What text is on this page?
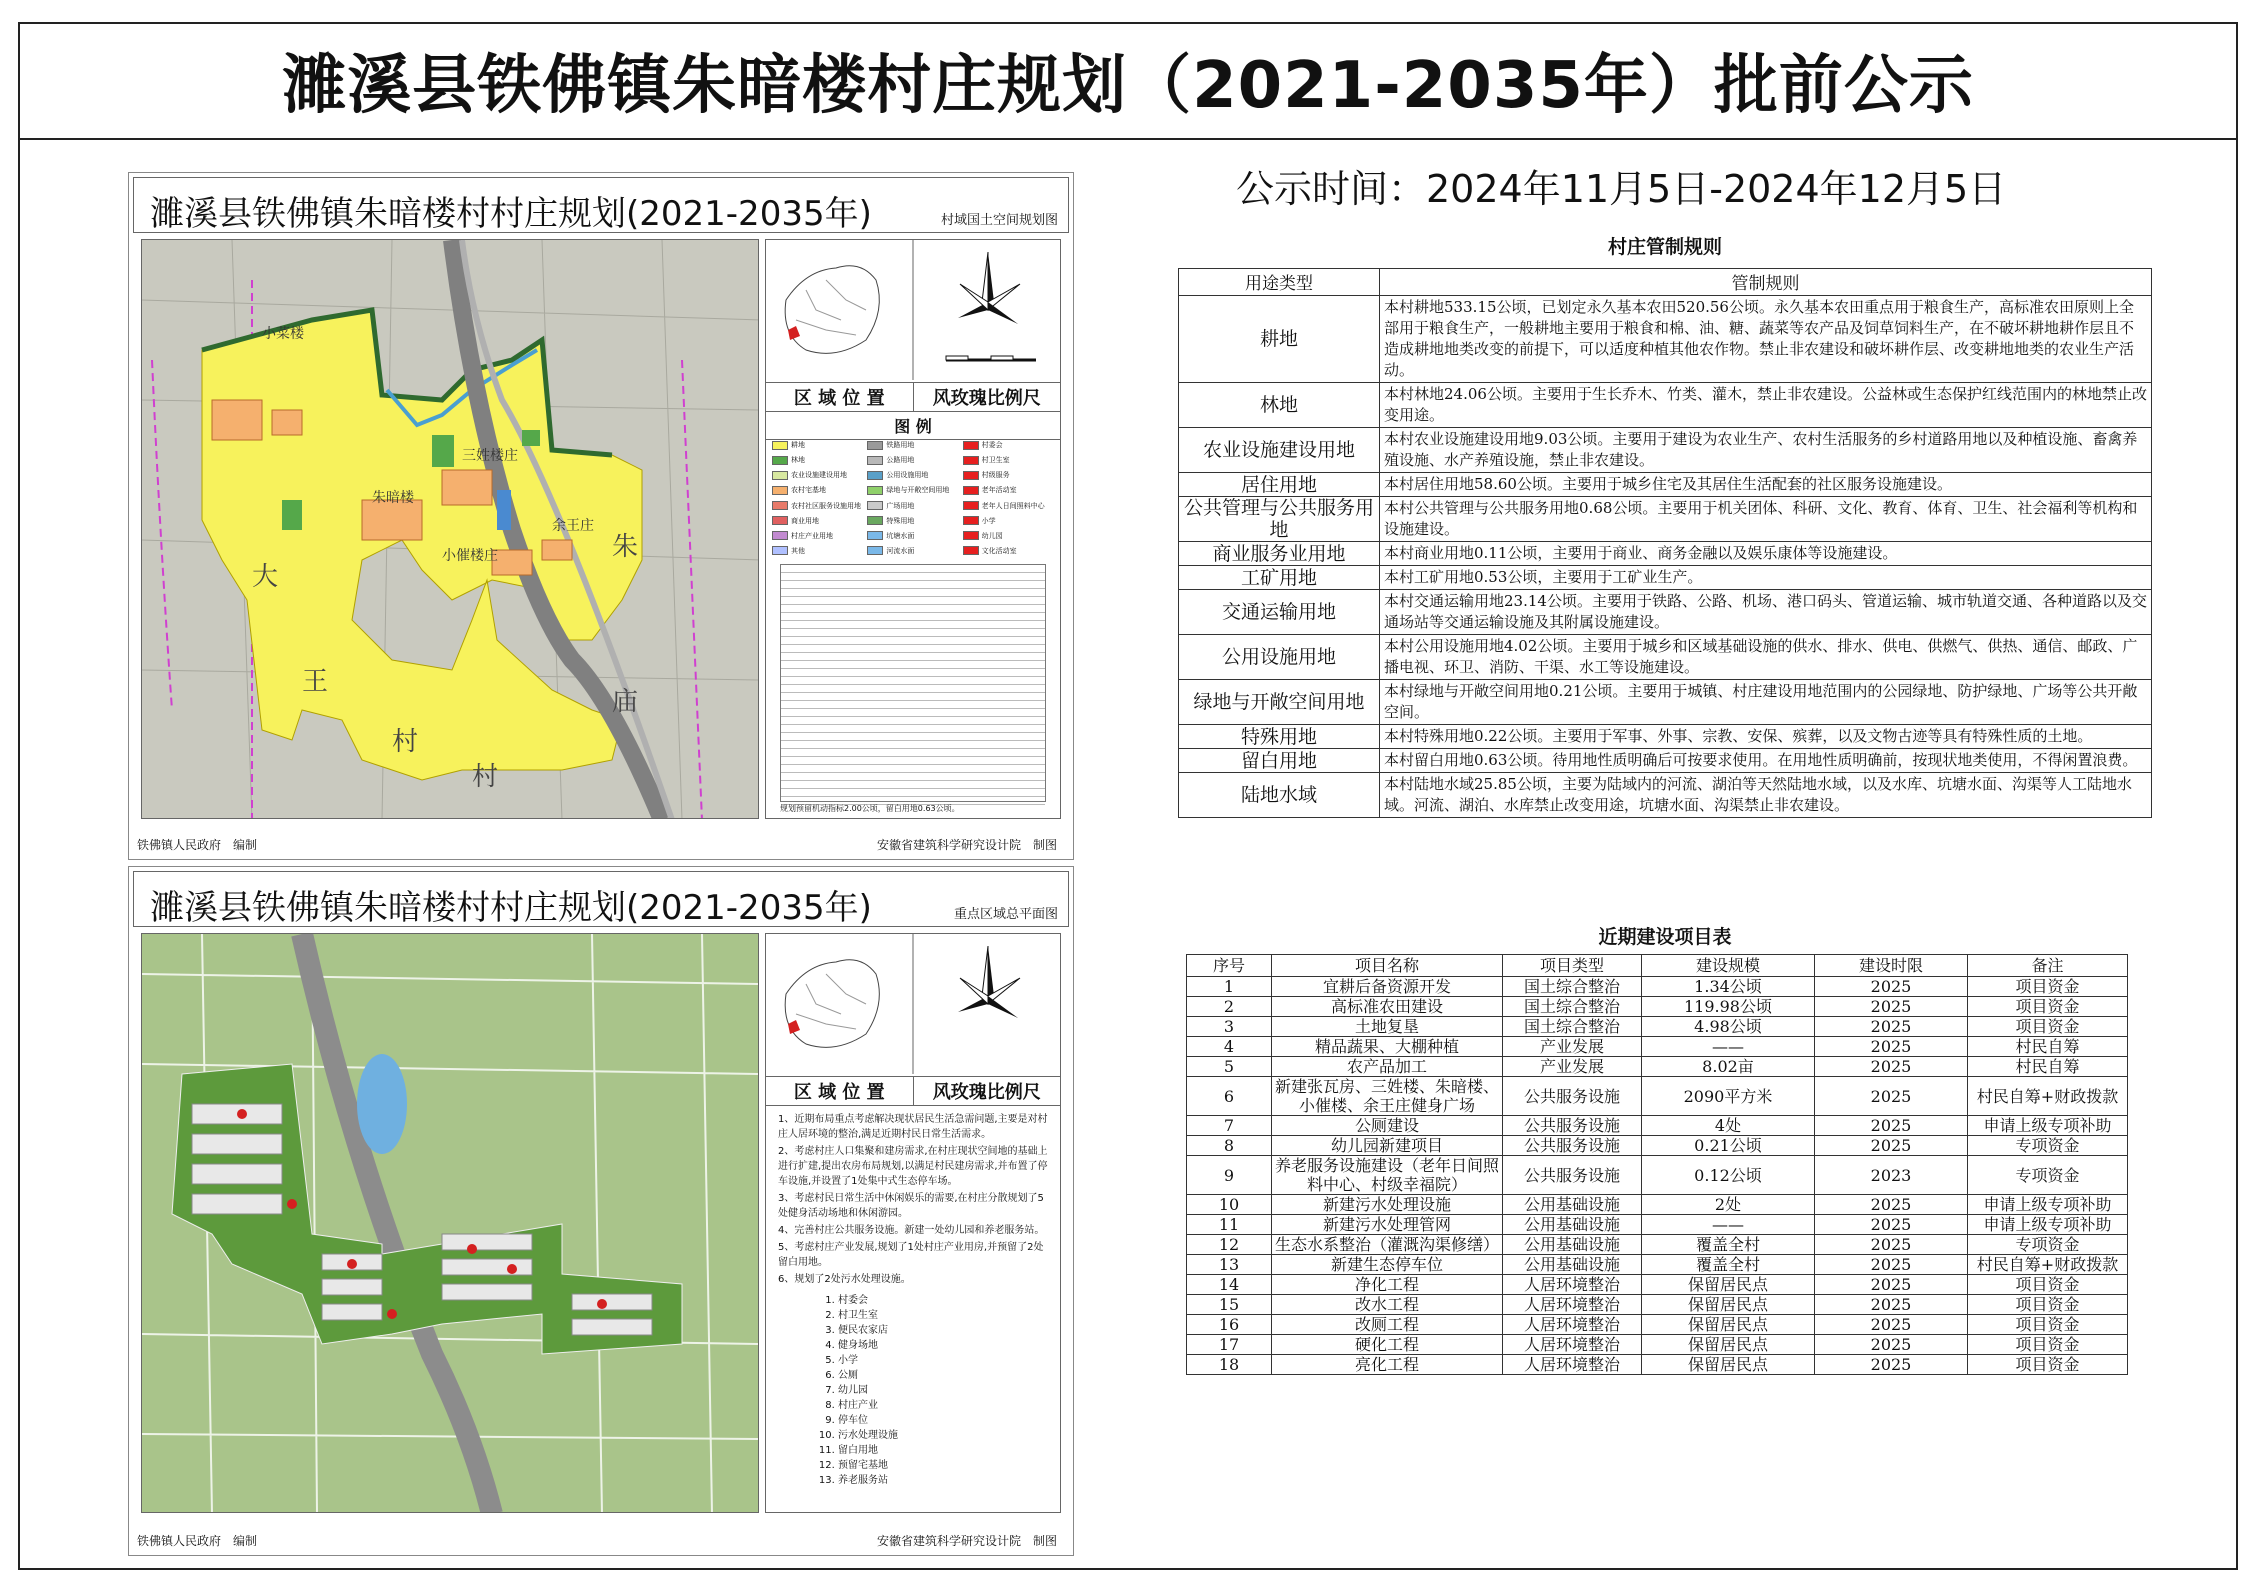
濉溪县铁佛镇朱暗楼村庄规划（2021-2035年）批前公示
濉溪县铁佛镇朱暗楼村村庄规划(2021-2035年)	村域国土空间规划图
小菜楼
朱暗楼
三姓楼庄
余王庄
小催楼庄
大
王
村
村
庙
朱
区 域 位 置	风玫瑰比例尺
图 例
耕地	铁路用地	村委会
林地	公路用地	村卫生室
农业设施建设用地	公用设施用地	村级服务
农村宅基地	绿地与开敞空间用地	老年活动室
农村社区服务设施用地	广场用地	老年人日间照料中心
商业用地	特殊用地	小学
村庄产业用地	坑塘水面	幼儿园
其他	河流水面	文化活动室
规划预留机动指标2.00公顷，留白用地0.63公顷。
铁佛镇人民政府　编制	安徽省建筑科学研究设计院　制图
濉溪县铁佛镇朱暗楼村村庄规划(2021-2035年)	重点区域总平面图
区 域 位 置	风玫瑰比例尺

1、近期布局重点考虑解决现状居民生活急需问题,主要是对村庄人居环境的整治,满足近期村民日常生活需求。

2、考虑村庄人口集聚和建房需求,在村庄现状空间地的基础上进行扩建,提出农房布局规划,以满足村民建房需求,并布置了停车设施,并设置了1处集中式生态停车场。

3、考虑村民日常生活中休闲娱乐的需要,在村庄分散规划了5处健身活动场地和休闲游园。

4、完善村庄公共服务设施。新建一处幼儿园和养老服务站。

5、考虑村庄产业发展,规划了1处村庄产业用房,并预留了2处留白用地。

6、规划了2处污水处理设施。

1. 村委会
2. 村卫生室
3. 便民农家店
4. 健身场地
5. 小学
6. 公厕
7. 幼儿园
8. 村庄产业
9. 停车位
10. 污水处理设施
11. 留白用地
12. 预留宅基地
13. 养老服务站
铁佛镇人民政府　编制	安徽省建筑科学研究设计院　制图
公示时间：2024年11月5日-2024年12月5日
村庄管制规则
用途类型	管制规则
耕地	本村耕地533.15公顷，已划定永久基本农田520.56公顷。永久基本农田重点用于粮食生产，高标准农田原则上全部用于粮食生产，一般耕地主要用于粮食和棉、油、糖、蔬菜等农产品及饲草饲料生产，在不破坏耕地耕作层且不造成耕地地类改变的前提下，可以适度种植其他农作物。禁止非农建设和破坏耕作层、改变耕地地类的农业生产活动。
林地	本村林地24.06公顷。主要用于生长乔木、竹类、灌木，禁止非农建设。公益林或生态保护红线范围内的林地禁止改变用途。
农业设施建设用地	本村农业设施建设用地9.03公顷。主要用于建设为农业生产、农村生活服务的乡村道路用地以及种植设施、畜禽养殖设施、水产养殖设施，禁止非农建设。
居住用地	本村居住用地58.60公顷。主要用于城乡住宅及其居住生活配套的社区服务设施建设。
公共管理与公共服务用地	本村公共管理与公共服务用地0.68公顷。主要用于机关团体、科研、文化、教育、体育、卫生、社会福利等机构和设施建设。
商业服务业用地	本村商业用地0.11公顷，主要用于商业、商务金融以及娱乐康体等设施建设。
工矿用地	本村工矿用地0.53公顷，主要用于工矿业生产。
交通运输用地	本村交通运输用地23.14公顷。主要用于铁路、公路、机场、港口码头、管道运输、城市轨道交通、各种道路以及交通场站等交通运输设施及其附属设施建设。
公用设施用地	本村公用设施用地4.02公顷。主要用于城乡和区域基础设施的供水、排水、供电、供燃气、供热、通信、邮政、广播电视、环卫、消防、干渠、水工等设施建设。
绿地与开敞空间用地	本村绿地与开敞空间用地0.21公顷。主要用于城镇、村庄建设用地范围内的公园绿地、防护绿地、广场等公共开敞空间。
特殊用地	本村特殊用地0.22公顷。主要用于军事、外事、宗教、安保、殡葬，以及文物古迹等具有特殊性质的土地。
留白用地	本村留白用地0.63公顷。待用地性质明确后可按要求使用。在用地性质明确前，按现状地类使用，不得闲置浪费。
陆地水域	本村陆地水域25.85公顷，主要为陆域内的河流、湖泊等天然陆地水域，以及水库、坑塘水面、沟渠等人工陆地水域。河流、湖泊、水库禁止改变用途，坑塘水面、沟渠禁止非农建设。
近期建设项目表
序号	项目名称	项目类型	建设规模	建设时限	备注
1	宜耕后备资源开发	国土综合整治	1.34公顷	2025	项目资金
2	高标准农田建设	国土综合整治	119.98公顷	2025	项目资金
3	土地复垦	国土综合整治	4.98公顷	2025	项目资金
4	精品蔬果、大棚种植	产业发展	——	2025	村民自筹
5	农产品加工	产业发展	8.02亩	2025	村民自筹
6	新建张瓦房、三姓楼、朱暗楼、小催楼、余王庄健身广场	公共服务设施	2090平方米	2025	村民自筹+财政拨款
7	公厕建设	公共服务设施	4处	2025	申请上级专项补助
8	幼儿园新建项目	公共服务设施	0.21公顷	2025	专项资金
9	养老服务设施建设（老年日间照料中心、村级幸福院）	公共服务设施	0.12公顷	2023	专项资金
10	新建污水处理设施	公用基础设施	2处	2025	申请上级专项补助
11	新建污水处理管网	公用基础设施	——	2025	申请上级专项补助
12	生态水系整治（灌溉沟渠修缮）	公用基础设施	覆盖全村	2025	专项资金
13	新建生态停车位	公用基础设施	覆盖全村	2025	村民自筹+财政拨款
14	净化工程	人居环境整治	保留居民点	2025	项目资金
15	改水工程	人居环境整治	保留居民点	2025	项目资金
16	改厕工程	人居环境整治	保留居民点	2025	项目资金
17	硬化工程	人居环境整治	保留居民点	2025	项目资金
18	亮化工程	人居环境整治	保留居民点	2025	项目资金
